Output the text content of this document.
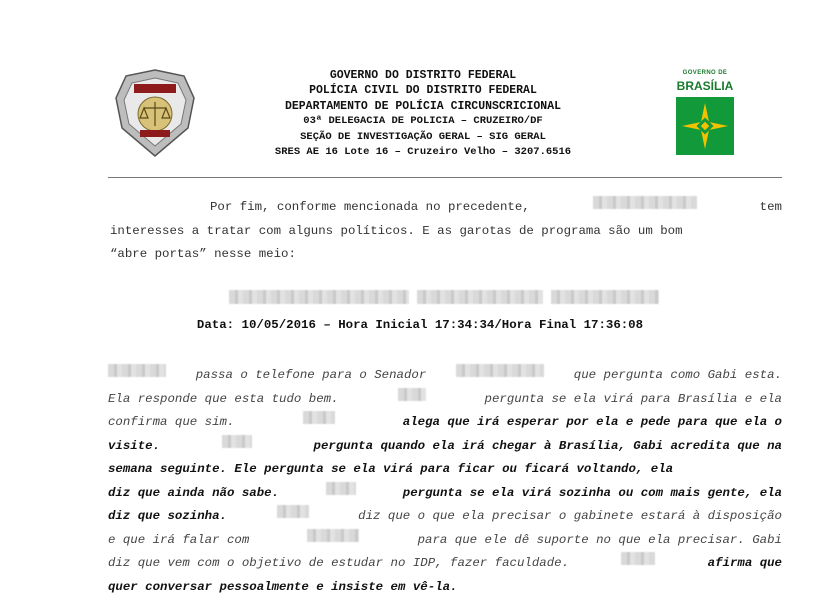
GOVERNO DO DISTRITO FEDERAL
POLÍCIA CIVIL DO DISTRITO FEDERAL
DEPARTAMENTO DE POLÍCIA CIRCUNSCRICIONAL
03ª DELEGACIA DE POLICIA – CRUZEIRO/DF
SEÇÃO DE INVESTIGAÇÃO GERAL – SIG GERAL
SRES AE 16 Lote 16 – Cruzeiro Velho – 3207.6516
GOVERNO DE
BRASÍLIA
Por fim, conforme mencionada no precedente,	tem
interesses a tratar com alguns políticos. E as garotas de programa são um bom
“abre portas” nesse meio:
Data: 10/05/2016 – Hora Inicial 17:34:34/Hora Final 17:36:08
passa o telefone para o Senador	que pergunta como Gabi esta.
Ela responde que esta tudo bem.	pergunta se ela virá para Brasília e ela
confirma que sim.	alega que irá esperar por ela e pede para que ela o
visite.	pergunta quando ela irá chegar à Brasília, Gabi acredita que na
semana seguinte. Ele pergunta se ela virá para ficar ou ficará voltando, ela
diz que ainda não sabe.	pergunta se ela virá sozinha ou com mais gente, ela
diz que sozinha.	diz que o que ela precisar o gabinete estará à disposição
e que irá falar com	para que ele dê suporte no que ela precisar. Gabi
diz que vem com o objetivo de estudar no IDP, fazer faculdade.	afirma que
quer conversar pessoalmente e insiste em vê-la.
